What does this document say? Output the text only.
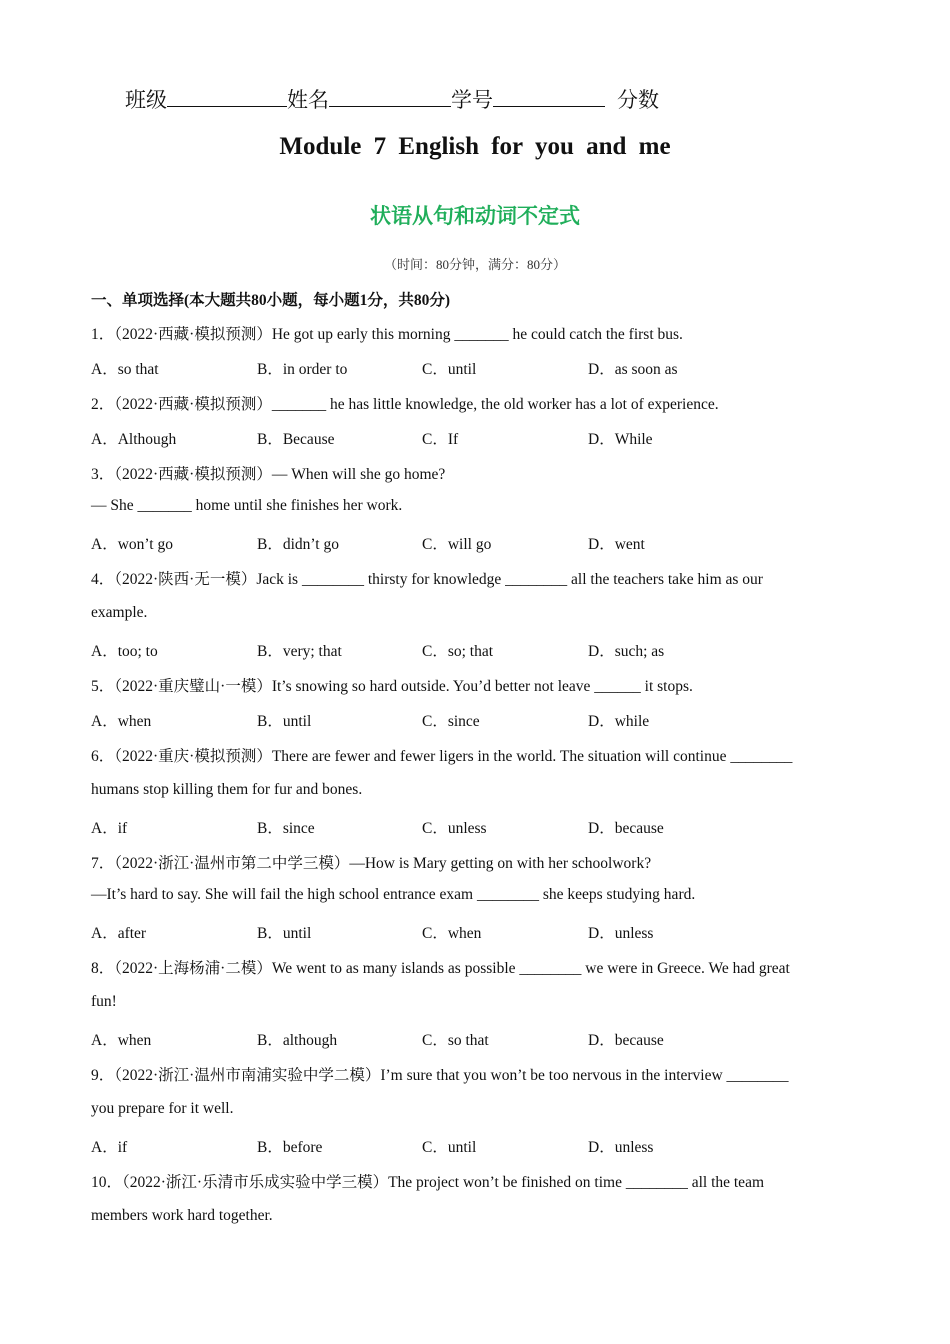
班级	姓名	学号	分数
Module 7 English for you and me
状语从句和动词不定式
（时间：80分钟，满分：80分）
一、单项选择(本大题共80小题，每小题1分，共80分)
1．（2022·西藏·模拟预测）He got up early this morning _______ he could catch the first bus.
A．so that	B．in order to	C．until	D．as soon as
2．（2022·西藏·模拟预测）_______ he has little knowledge, the old worker has a lot of experience.
A．Although	B．Because	C．If	D．While
3．（2022·西藏·模拟预测）— When will she go home?
— She _______ home until she finishes her work.
A．won’t go	B．didn’t go	C．will go	D．went
4．（2022·陕西·无一模）Jack is ________ thirsty for knowledge ________ all the teachers take him as our
example.
A．too; to	B．very; that	C．so; that	D．such; as
5．（2022·重庆璧山·一模）It’s snowing so hard outside. You’d better not leave ______ it stops.
A．when	B．until	C．since	D．while
6．（2022·重庆·模拟预测）There are fewer and fewer ligers in the world. The situation will continue ________
humans stop killing them for fur and bones.
A．if	B．since	C．unless	D．because
7．（2022·浙江·温州市第二中学三模）—How is Mary getting on with her schoolwork?
—It’s hard to say. She will fail the high school entrance exam ________ she keeps studying hard.
A．after	B．until	C．when	D．unless
8．（2022·上海杨浦·二模）We went to as many islands as possible ________ we were in Greece. We had great
fun!
A．when	B．although	C．so that	D．because
9．（2022·浙江·温州市南浦实验中学二模）I’m sure that you won’t be too nervous in the interview ________
you prepare for it well.
A．if	B．before	C．until	D．unless
10．（2022·浙江·乐清市乐成实验中学三模）The project won’t be finished on time ________ all the team
members work hard together.
